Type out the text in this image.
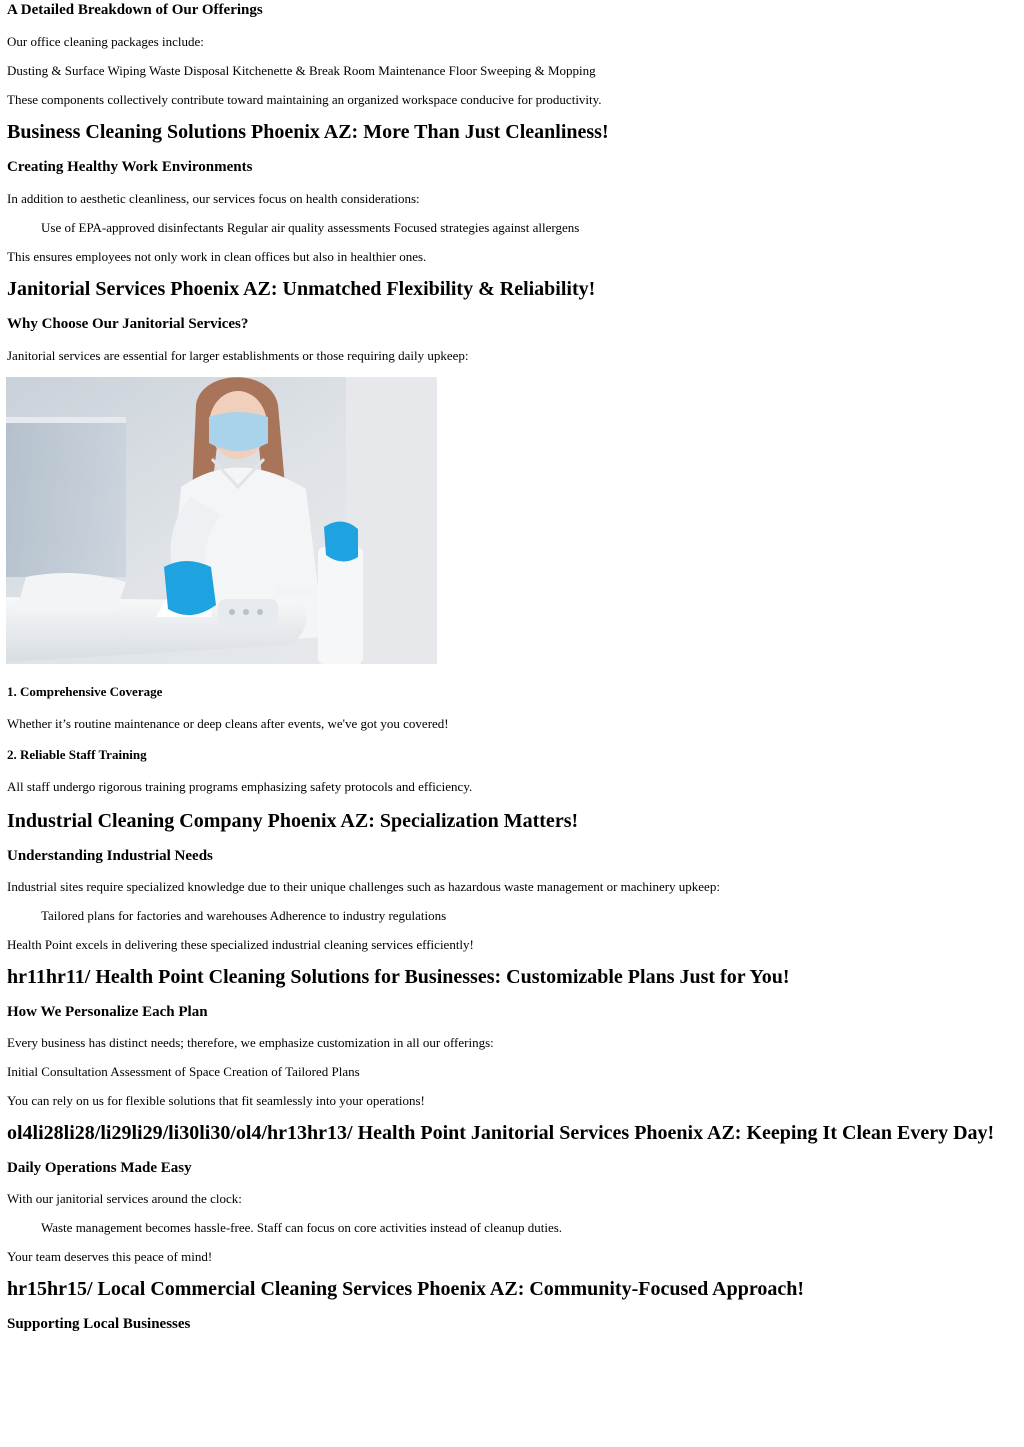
A Detailed Breakdown of Our Offerings

Our office cleaning packages include:

Dusting & Surface Wiping Waste Disposal Kitchenette & Break Room Maintenance Floor Sweeping & Mopping

These components collectively contribute toward maintaining an organized workspace conducive for productivity.

Business Cleaning Solutions Phoenix AZ: More Than Just Cleanliness!
Creating Healthy Work Environments

In addition to aesthetic cleanliness, our services focus on health considerations:

Use of EPA-approved disinfectants Regular air quality assessments Focused strategies against allergens

This ensures employees not only work in clean offices but also in healthier ones.

Janitorial Services Phoenix AZ: Unmatched Flexibility & Reliability!
Why Choose Our Janitorial Services?

Janitorial services are essential for larger establishments or those requiring daily upkeep:

1. Comprehensive Coverage

Whether it’s routine maintenance or deep cleans after events, we've got you covered!

2. Reliable Staff Training

All staff undergo rigorous training programs emphasizing safety protocols and efficiency.

Industrial Cleaning Company Phoenix AZ: Specialization Matters!
Understanding Industrial Needs

Industrial sites require specialized knowledge due to their unique challenges such as hazardous waste management or machinery upkeep:

Tailored plans for factories and warehouses Adherence to industry regulations

Health Point excels in delivering these specialized industrial cleaning services efficiently!

hr11hr11/ Health Point Cleaning Solutions for Businesses: Customizable Plans Just for You!
How We Personalize Each Plan

Every business has distinct needs; therefore, we emphasize customization in all our offerings:

Initial Consultation Assessment of Space Creation of Tailored Plans

You can rely on us for flexible solutions that fit seamlessly into your operations!

ol4li28li28/li29li29/li30li30/ol4/hr13hr13/ Health Point Janitorial Services Phoenix AZ: Keeping It Clean Every Day!
Daily Operations Made Easy

With our janitorial services around the clock:

Waste management becomes hassle-free. Staff can focus on core activities instead of cleanup duties.

Your team deserves this peace of mind!

hr15hr15/ Local Commercial Cleaning Services Phoenix AZ: Community-Focused Approach!
Supporting Local Businesses
